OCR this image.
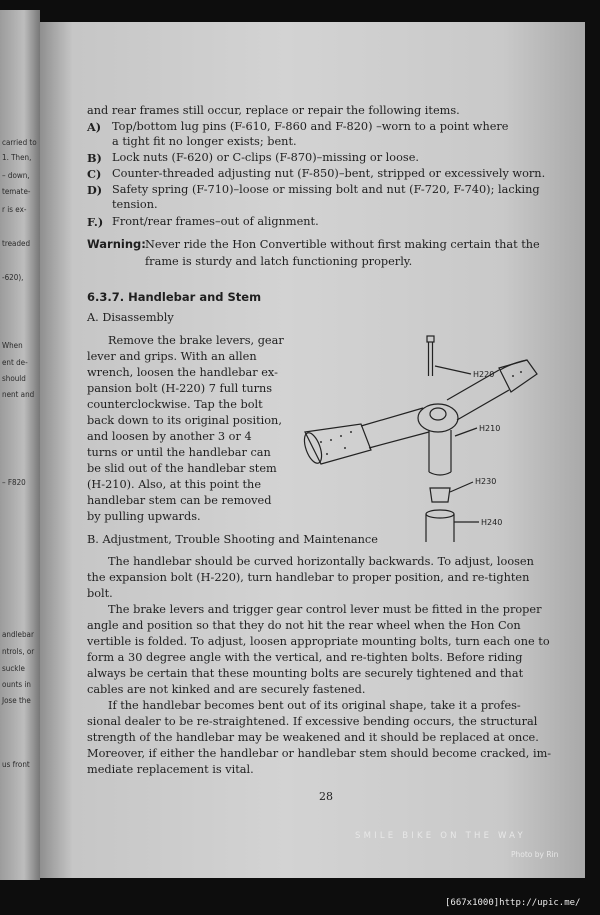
carried to
1. Then,
– down,
temate-
r is ex-
treaded
-620),
When
ent de-
should
nent and
– F820
andlebar
ntrols, or
suckle
ounts in
Jose the
us front
and rear frames still occur, replace or repair the following items.
A) Top/bottom lug pins (F-610, F-860 and F-820) –worn to a point where
a tight fit no longer exists; bent.
B) Lock nuts (F-620) or C-clips (F-870)–missing or loose.
C) Counter-threaded adjusting nut (F-850)–bent, stripped or excessively worn.
D) Safety spring (F-710)–loose or missing bolt and nut (F-720, F-740); lacking
tension.
F.) Front/rear frames–out of alignment.
Warning: Never ride the Hon Convertible without first making certain that the
frame is sturdy and latch functioning properly.
6.3.7. Handlebar and Stem
A. Disassembly
Remove the brake levers, gear
lever and grips. With an allen
wrench, loosen the handlebar ex-
pansion bolt (H-220) 7 full turns
counterclockwise. Tap the bolt
back down to its original position,
and loosen by another 3 or 4
turns or until the handlebar can
be slid out of the handlebar stem
(H-210). Also, at this point the
handlebar stem can be removed
by pulling upwards.
H220
H210
H230
H240
B. Adjustment, Trouble Shooting and Maintenance
The handlebar should be curved horizontally backwards. To adjust, loosen
the expansion bolt (H-220), turn handlebar to proper position, and re-tighten
bolt.
The brake levers and trigger gear control lever must be fitted in the proper
angle and position so that they do not hit the rear wheel when the Hon Con
vertible is folded. To adjust, loosen appropriate mounting bolts, turn each one to
form a 30 degree angle with the vertical, and re-tighten bolts. Before riding
always be certain that these mounting bolts are securely tightened and that
cables are not kinked and are securely fastened.
If the handlebar becomes bent out of its original shape, take it a profes-
sional dealer to be re-straightened. If excessive bending occurs, the structural
strength of the handlebar may be weakened and it should be replaced at once.
Moreover, if either the handlebar or handlebar stem should become cracked, im-
mediate replacement is vital.
28
SMILE BIKE ON THE WAY
Photo by Rin
[667x1000]http://upic.me/
